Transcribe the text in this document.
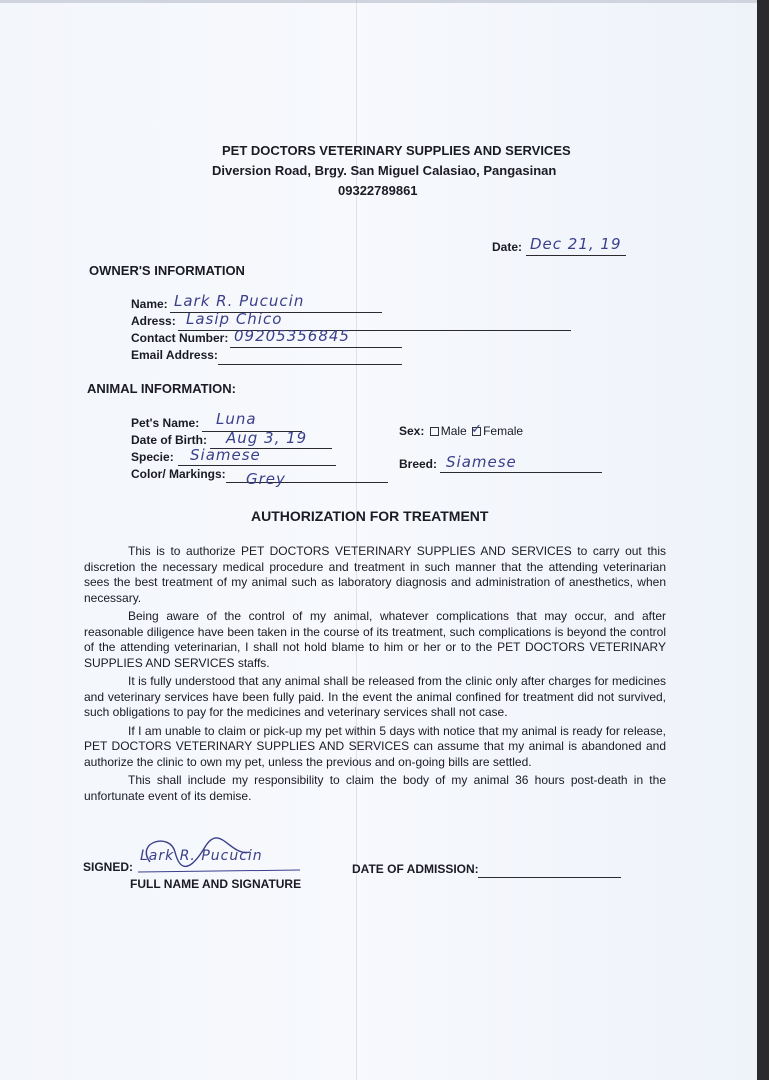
PET DOCTORS VETERINARY SUPPLIES AND SERVICES
Diversion Road, Brgy. San Miguel Calasiao, Pangasinan
09322789861
Date: Dec 21, 19
OWNER'S INFORMATION
Name: Lark R. Pucucin
Adress: Lasip Chico
Contact Number: 09205356845
Email Address:
ANIMAL INFORMATION:
Pet's Name: Luna
Date of Birth: Aug 3, 19
Specie: Siamese
Color/ Markings: Grey
Sex: Male ✓ Female
Breed: Siamese
AUTHORIZATION FOR TREATMENT

This is to authorize PET DOCTORS VETERINARY SUPPLIES AND SERVICES to carry out this discretion the necessary medical procedure and treatment in such manner that the attending veterinarian sees the best treatment of my animal such as laboratory diagnosis and administration of anesthetics, when necessary.

Being aware of the control of my animal, whatever complications that may occur, and after reasonable diligence have been taken in the course of its treatment, such complications is beyond the control of the attending veterinarian, I shall not hold blame to him or her or to the PET DOCTORS VETERINARY SUPPLIES AND SERVICES staffs.

It is fully understood that any animal shall be released from the clinic only after charges for medicines and veterinary services have been fully paid. In the event the animal confined for treatment did not survived, such obligations to pay for the medicines and veterinary services shall not case.

If I am unable to claim or pick-up my pet within 5 days with notice that my animal is ready for release, PET DOCTORS VETERINARY SUPPLIES AND SERVICES can assume that my animal is abandoned and authorize the clinic to own my pet, unless the previous and on-going bills are settled.

This shall include my responsibility to claim the body of my animal 36 hours post-death in the unfortunate event of its demise.

SIGNED:
Lark R. Pucucin
FULL NAME AND SIGNATURE
DATE OF ADMISSION:
